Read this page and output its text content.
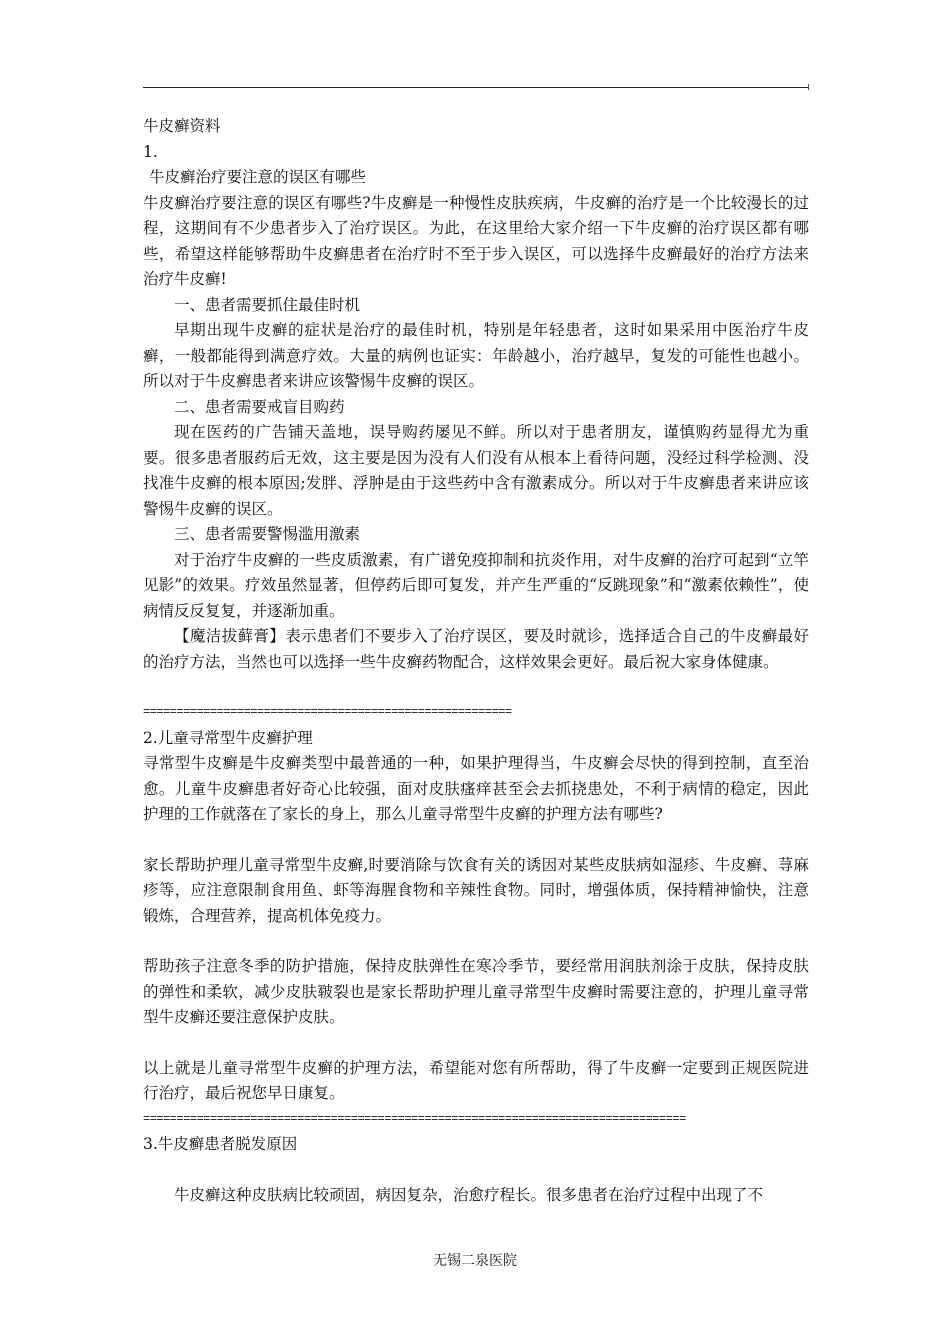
牛皮癣资料

1.

牛皮癣治疗要注意的误区有哪些

牛皮癣治疗要注意的误区有哪些?牛皮癣是一种慢性皮肤疾病，牛皮癣的治疗是一个比较漫长的过程，这期间有不少患者步入了治疗误区。为此，在这里给大家介绍一下牛皮癣的治疗误区都有哪些，希望这样能够帮助牛皮癣患者在治疗时不至于步入误区，可以选择牛皮癣最好的治疗方法来治疗牛皮癣!

一、患者需要抓住最佳时机

早期出现牛皮癣的症状是治疗的最佳时机，特别是年轻患者，这时如果采用中医治疗牛皮癣，一般都能得到满意疗效。大量的病例也证实：年龄越小，治疗越早，复发的可能性也越小。所以对于牛皮癣患者来讲应该警惕牛皮癣的误区。

二、患者需要戒盲目购药

现在医药的广告铺天盖地，误导购药屡见不鲜。所以对于患者朋友，谨慎购药显得尤为重要。很多患者服药后无效，这主要是因为没有人们没有从根本上看待问题，没经过科学检测、没找准牛皮癣的根本原因;发胖、浮肿是由于这些药中含有激素成分。所以对于牛皮癣患者来讲应该警惕牛皮癣的误区。

三、患者需要警惕滥用激素

对于治疗牛皮癣的一些皮质激素，有广谱免疫抑制和抗炎作用，对牛皮癣的治疗可起到“立竿见影”的效果。疗效虽然显著，但停药后即可复发，并产生严重的“反跳现象”和“激素依赖性”，使病情反反复复，并逐渐加重。

【魔洁拔藓膏】表示患者们不要步入了治疗误区，要及时就诊，选择适合自己的牛皮癣最好的治疗方法，当然也可以选择一些牛皮癣药物配合，这样效果会更好。最后祝大家身体健康。

=======================================================

2.儿童寻常型牛皮癣护理

寻常型牛皮癣是牛皮癣类型中最普通的一种，如果护理得当，牛皮癣会尽快的得到控制，直至治愈。儿童牛皮癣患者好奇心比较强，面对皮肤瘙痒甚至会去抓挠患处，不利于病情的稳定，因此护理的工作就落在了家长的身上，那么儿童寻常型牛皮癣的护理方法有哪些?

家长帮助护理儿童寻常型牛皮癣,时要消除与饮食有关的诱因对某些皮肤病如湿疹、牛皮癣、荨麻疹等，应注意限制食用鱼、虾等海腥食物和辛辣性食物。同时，增强体质，保持精神愉快，注意锻炼，合理营养，提高机体免疫力。

帮助孩子注意冬季的防护措施，保持皮肤弹性在寒冷季节，要经常用润肤剂涂于皮肤，保持皮肤的弹性和柔软，减少皮肤皲裂也是家长帮助护理儿童寻常型牛皮癣时需要注意的，护理儿童寻常型牛皮癣还要注意保护皮肤。

以上就是儿童寻常型牛皮癣的护理方法，希望能对您有所帮助，得了牛皮癣一定要到正规医院进行治疗，最后祝您早日康复。

=================================================================================

3.牛皮癣患者脱发原因

牛皮癣这种皮肤病比较顽固，病因复杂，治愈疗程长。很多患者在治疗过程中出现了不

无锡二泉医院
